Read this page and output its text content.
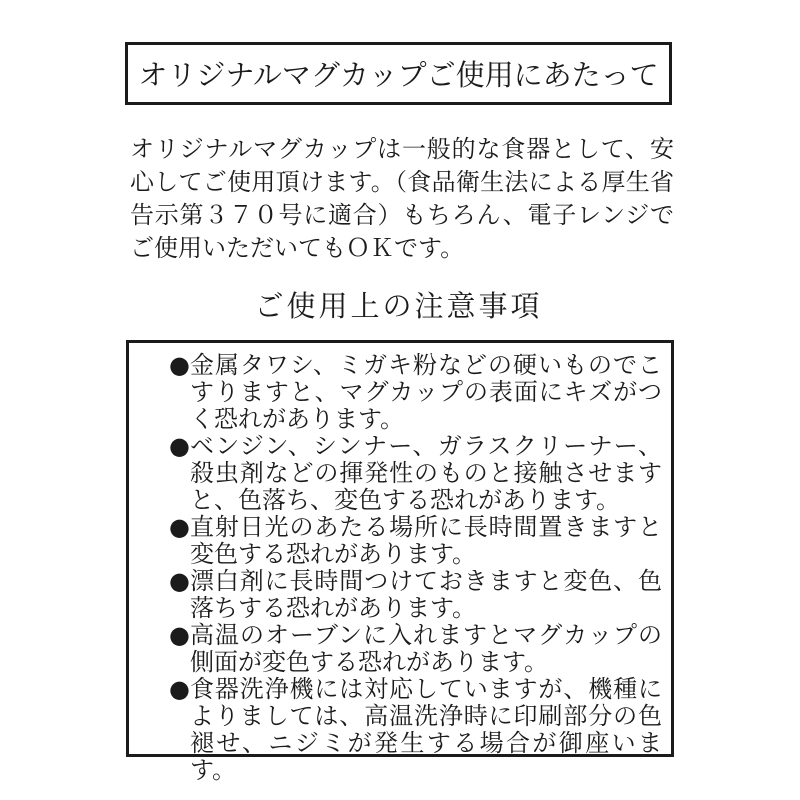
オリジナルマグカップご使用にあたって

オリジナルマグカップは一般的な食器として、安心してご使用頂けます。（食品衛生法による厚生省告示第３７０号に適合）もちろん、電子レンジでご使用いただいてもＯＫです。

ご使用上の注意事項
● 金属タワシ、ミガキ粉などの硬いものでこすりますと、マグカップの表面にキズがつく恐れがあります。
● ベンジン、シンナー、ガラスクリーナー、殺虫剤などの揮発性のものと接触させますと、色落ち、変色する恐れがあります。
● 直射日光のあたる場所に長時間置きますと変色する恐れがあります。
● 漂白剤に長時間つけておきますと変色、色落ちする恐れがあります。
● 高温のオーブンに入れますとマグカップの側面が変色する恐れがあります。
● 食器洗浄機には対応していますが、機種によりましては、高温洗浄時に印刷部分の色褪せ、ニジミが発生する場合が御座います。
